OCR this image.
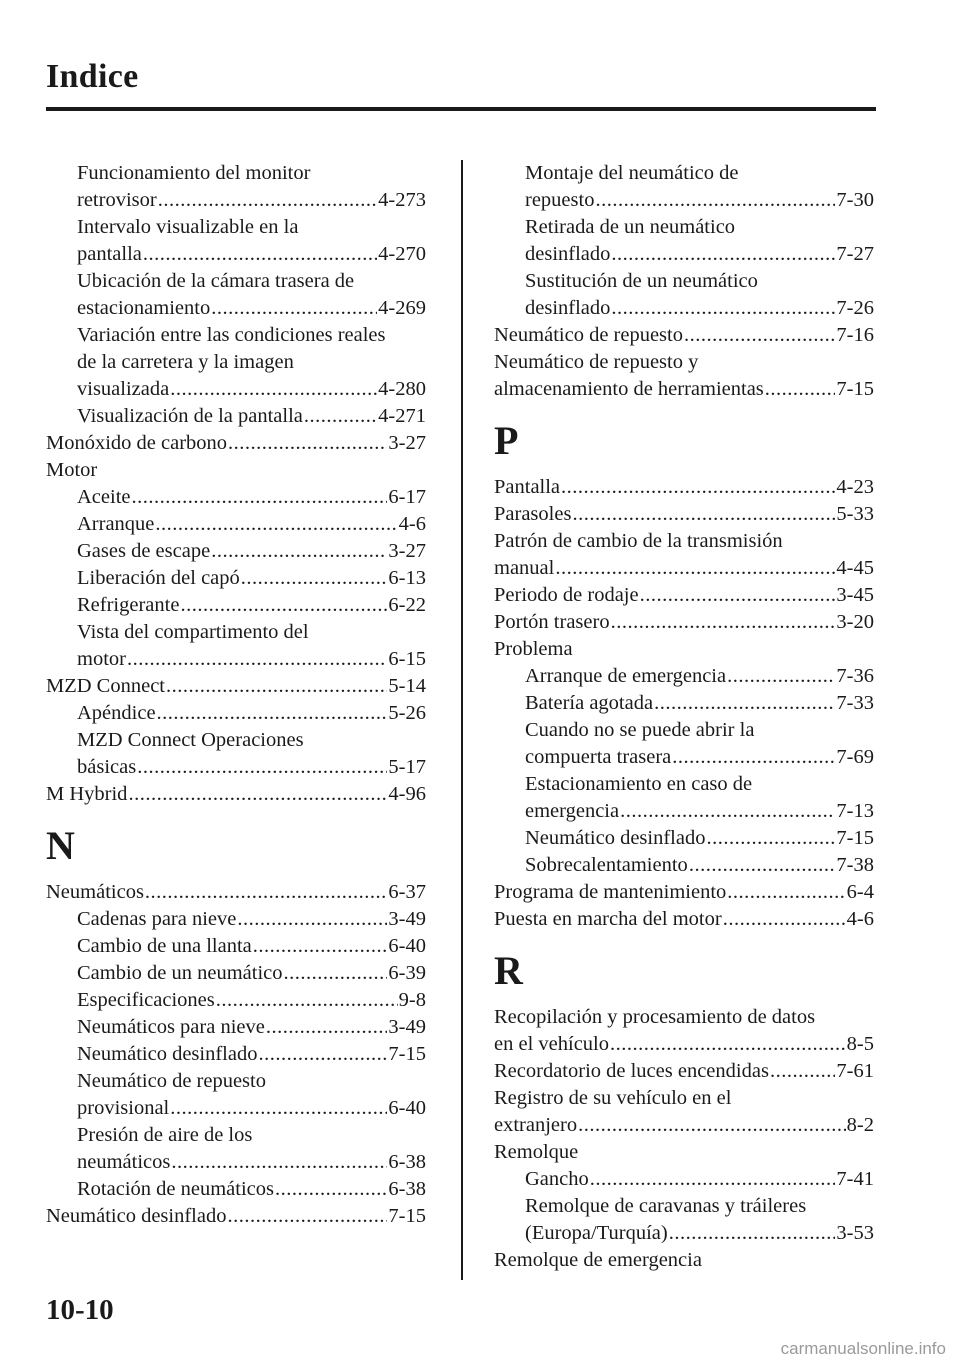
Indice
Funcionamiento del monitor
retrovisor .....	4-273
Intervalo visualizable en la
pantalla .....	4-270
Ubicación de la cámara trasera de
estacionamiento .....	4-269
Variación entre las condiciones reales
de la carretera y la imagen
visualizada .....	4-280
Visualización de la pantalla .....	4-271
Monóxido de carbono .....	3-27
Motor
Aceite .....	6-17
Arranque .....	4-6
Gases de escape .....	3-27
Liberación del capó .....	6-13
Refrigerante .....	6-22
Vista del compartimento del
motor .....	6-15
MZD Connect .....	5-14
Apéndice .....	5-26
MZD Connect Operaciones
básicas .....	5-17
M Hybrid .....	4-96
N
Neumáticos .....	6-37
Cadenas para nieve .....	3-49
Cambio de una llanta .....	6-40
Cambio de un neumático .....	6-39
Especificaciones .....	9-8
Neumáticos para nieve .....	3-49
Neumático desinflado .....	7-15
Neumático de repuesto
provisional .....	6-40
Presión de aire de los
neumáticos .....	6-38
Rotación de neumáticos .....	6-38
Neumático desinflado .....	7-15
Montaje del neumático de
repuesto .....	7-30
Retirada de un neumático
desinflado .....	7-27
Sustitución de un neumático
desinflado .....	7-26
Neumático de repuesto .....	7-16
Neumático de repuesto y
almacenamiento de herramientas .....	7-15
P
Pantalla .....	4-23
Parasoles .....	5-33
Patrón de cambio de la transmisión
manual .....	4-45
Periodo de rodaje .....	3-45
Portón trasero .....	3-20
Problema
Arranque de emergencia .....	7-36
Batería agotada .....	7-33
Cuando no se puede abrir la
compuerta trasera .....	7-69
Estacionamiento en caso de
emergencia .....	7-13
Neumático desinflado .....	7-15
Sobrecalentamiento .....	7-38
Programa de mantenimiento .....	6-4
Puesta en marcha del motor .....	4-6
R
Recopilación y procesamiento de datos
en el vehículo .....	8-5
Recordatorio de luces encendidas .....	7-61
Registro de su vehículo en el
extranjero .....	8-2
Remolque
Gancho .....	7-41
Remolque de caravanas y tráileres
(Europa/Turquía) .....	3-53
Remolque de emergencia
10-10
carmanualsonline.info
